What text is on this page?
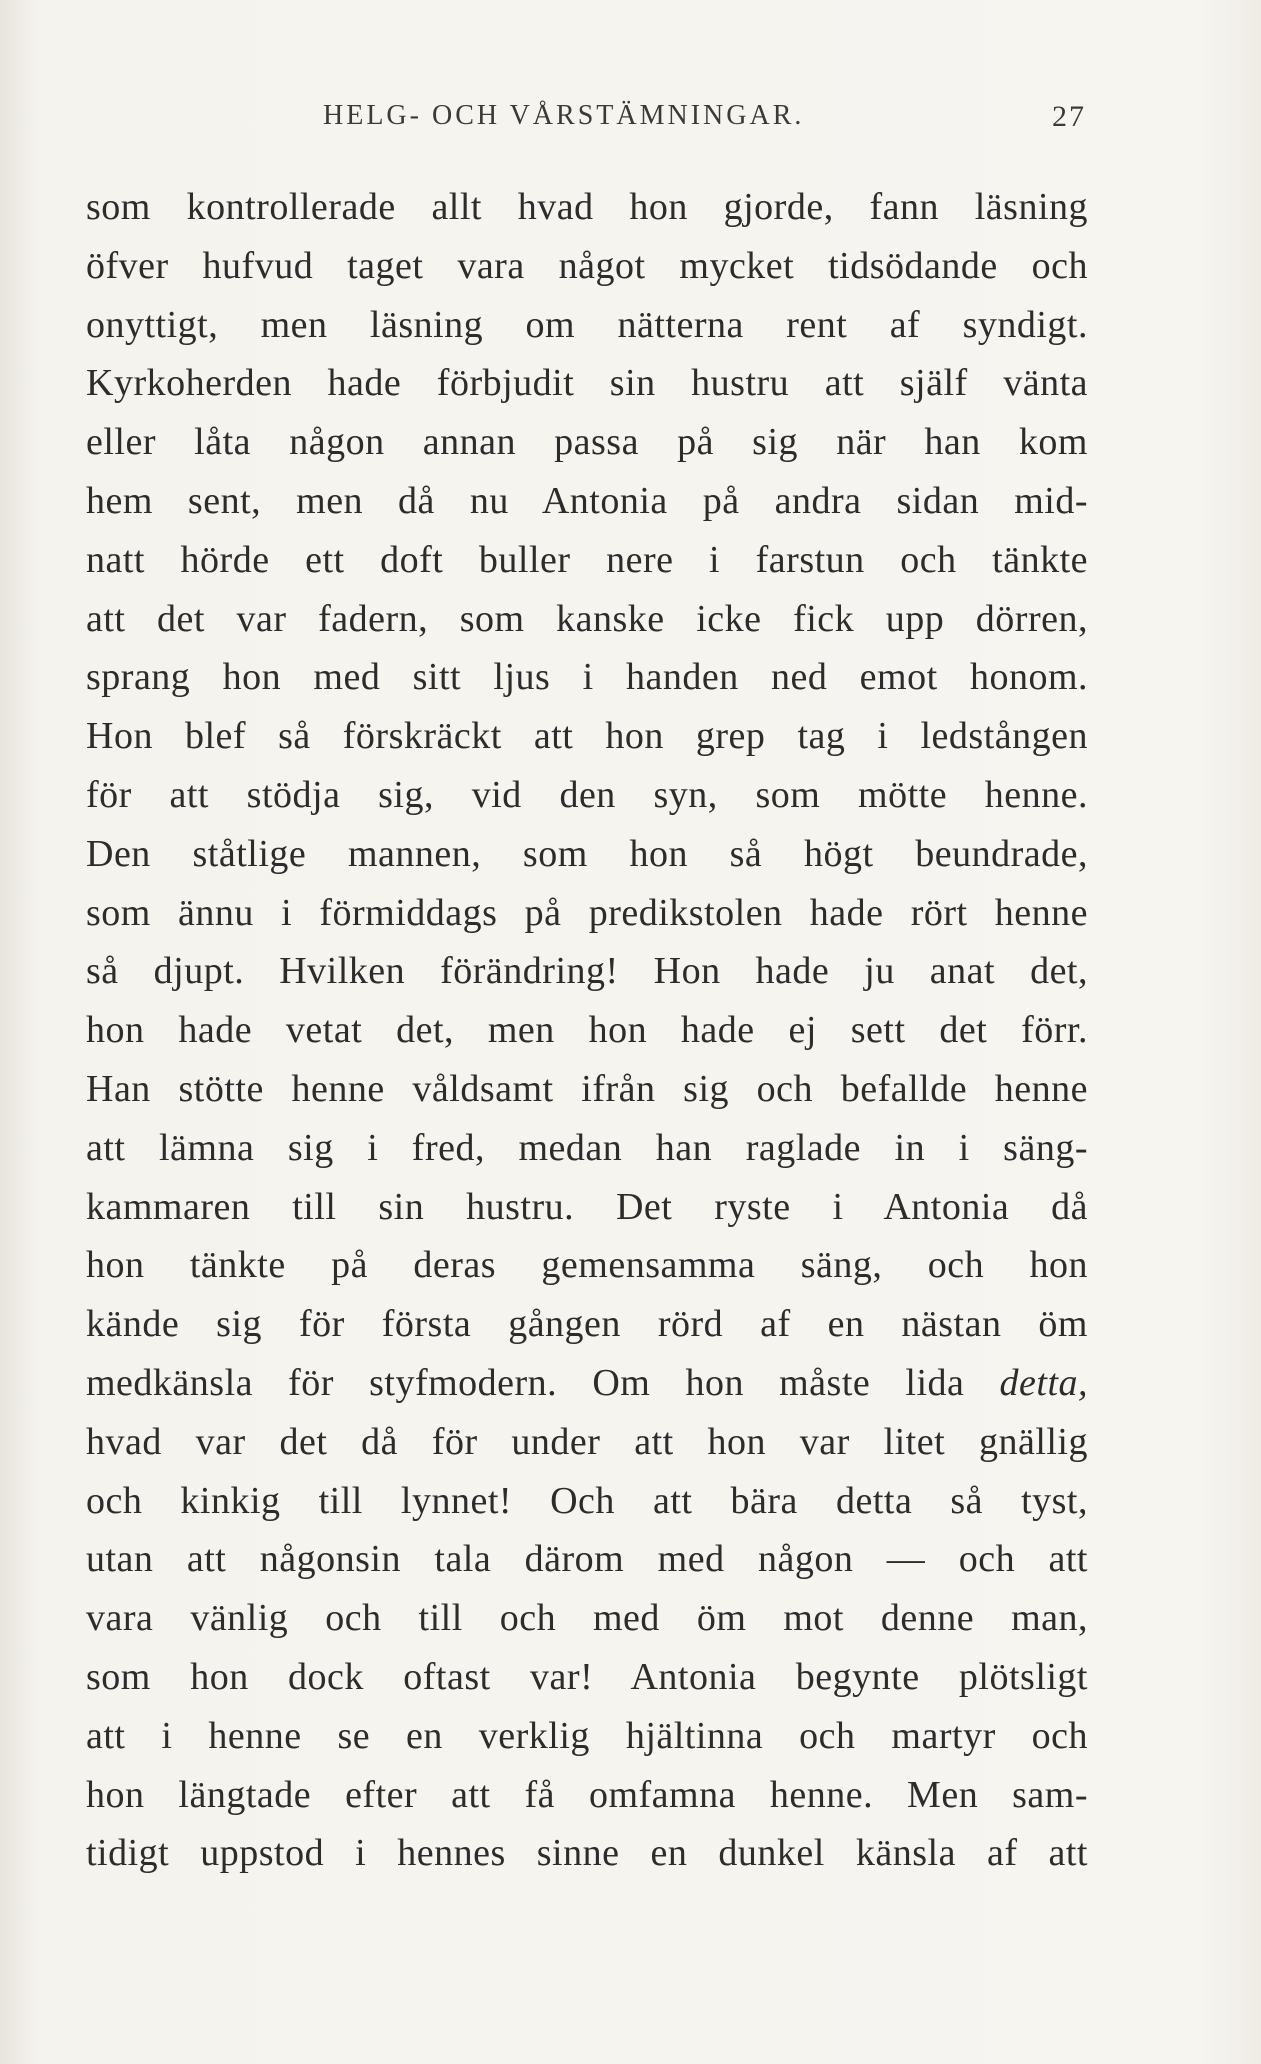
HELG- OCH VÅRSTÄMNINGAR.	27
som kontrollerade allt hvad hon gjorde, fann läsning
öfver hufvud taget vara något mycket tidsödande och
onyttigt, men läsning om nätterna rent af syndigt.
Kyrkoherden hade förbjudit sin hustru att själf vänta
eller låta någon annan passa på sig när han kom
hem sent, men då nu Antonia på andra sidan mid-
natt hörde ett doft buller nere i farstun och tänkte
att det var fadern, som kanske icke fick upp dörren,
sprang hon med sitt ljus i handen ned emot honom.
Hon blef så förskräckt att hon grep tag i ledstången
för att stödja sig, vid den syn, som mötte henne.
Den ståtlige mannen, som hon så högt beundrade,
som ännu i förmiddags på predikstolen hade rört henne
så djupt. Hvilken förändring! Hon hade ju anat det,
hon hade vetat det, men hon hade ej sett det förr.
Han stötte henne våldsamt ifrån sig och befallde henne
att lämna sig i fred, medan han raglade in i säng-
kammaren till sin hustru. Det ryste i Antonia då
hon tänkte på deras gemensamma säng, och hon
kände sig för första gången rörd af en nästan öm
medkänsla för styfmodern. Om hon måste lida detta,
hvad var det då för under att hon var litet gnällig
och kinkig till lynnet! Och att bära detta så tyst,
utan att någonsin tala därom med någon — och att
vara vänlig och till och med öm mot denne man,
som hon dock oftast var! Antonia begynte plötsligt
att i henne se en verklig hjältinna och martyr och
hon längtade efter att få omfamna henne. Men sam-
tidigt uppstod i hennes sinne en dunkel känsla af att
